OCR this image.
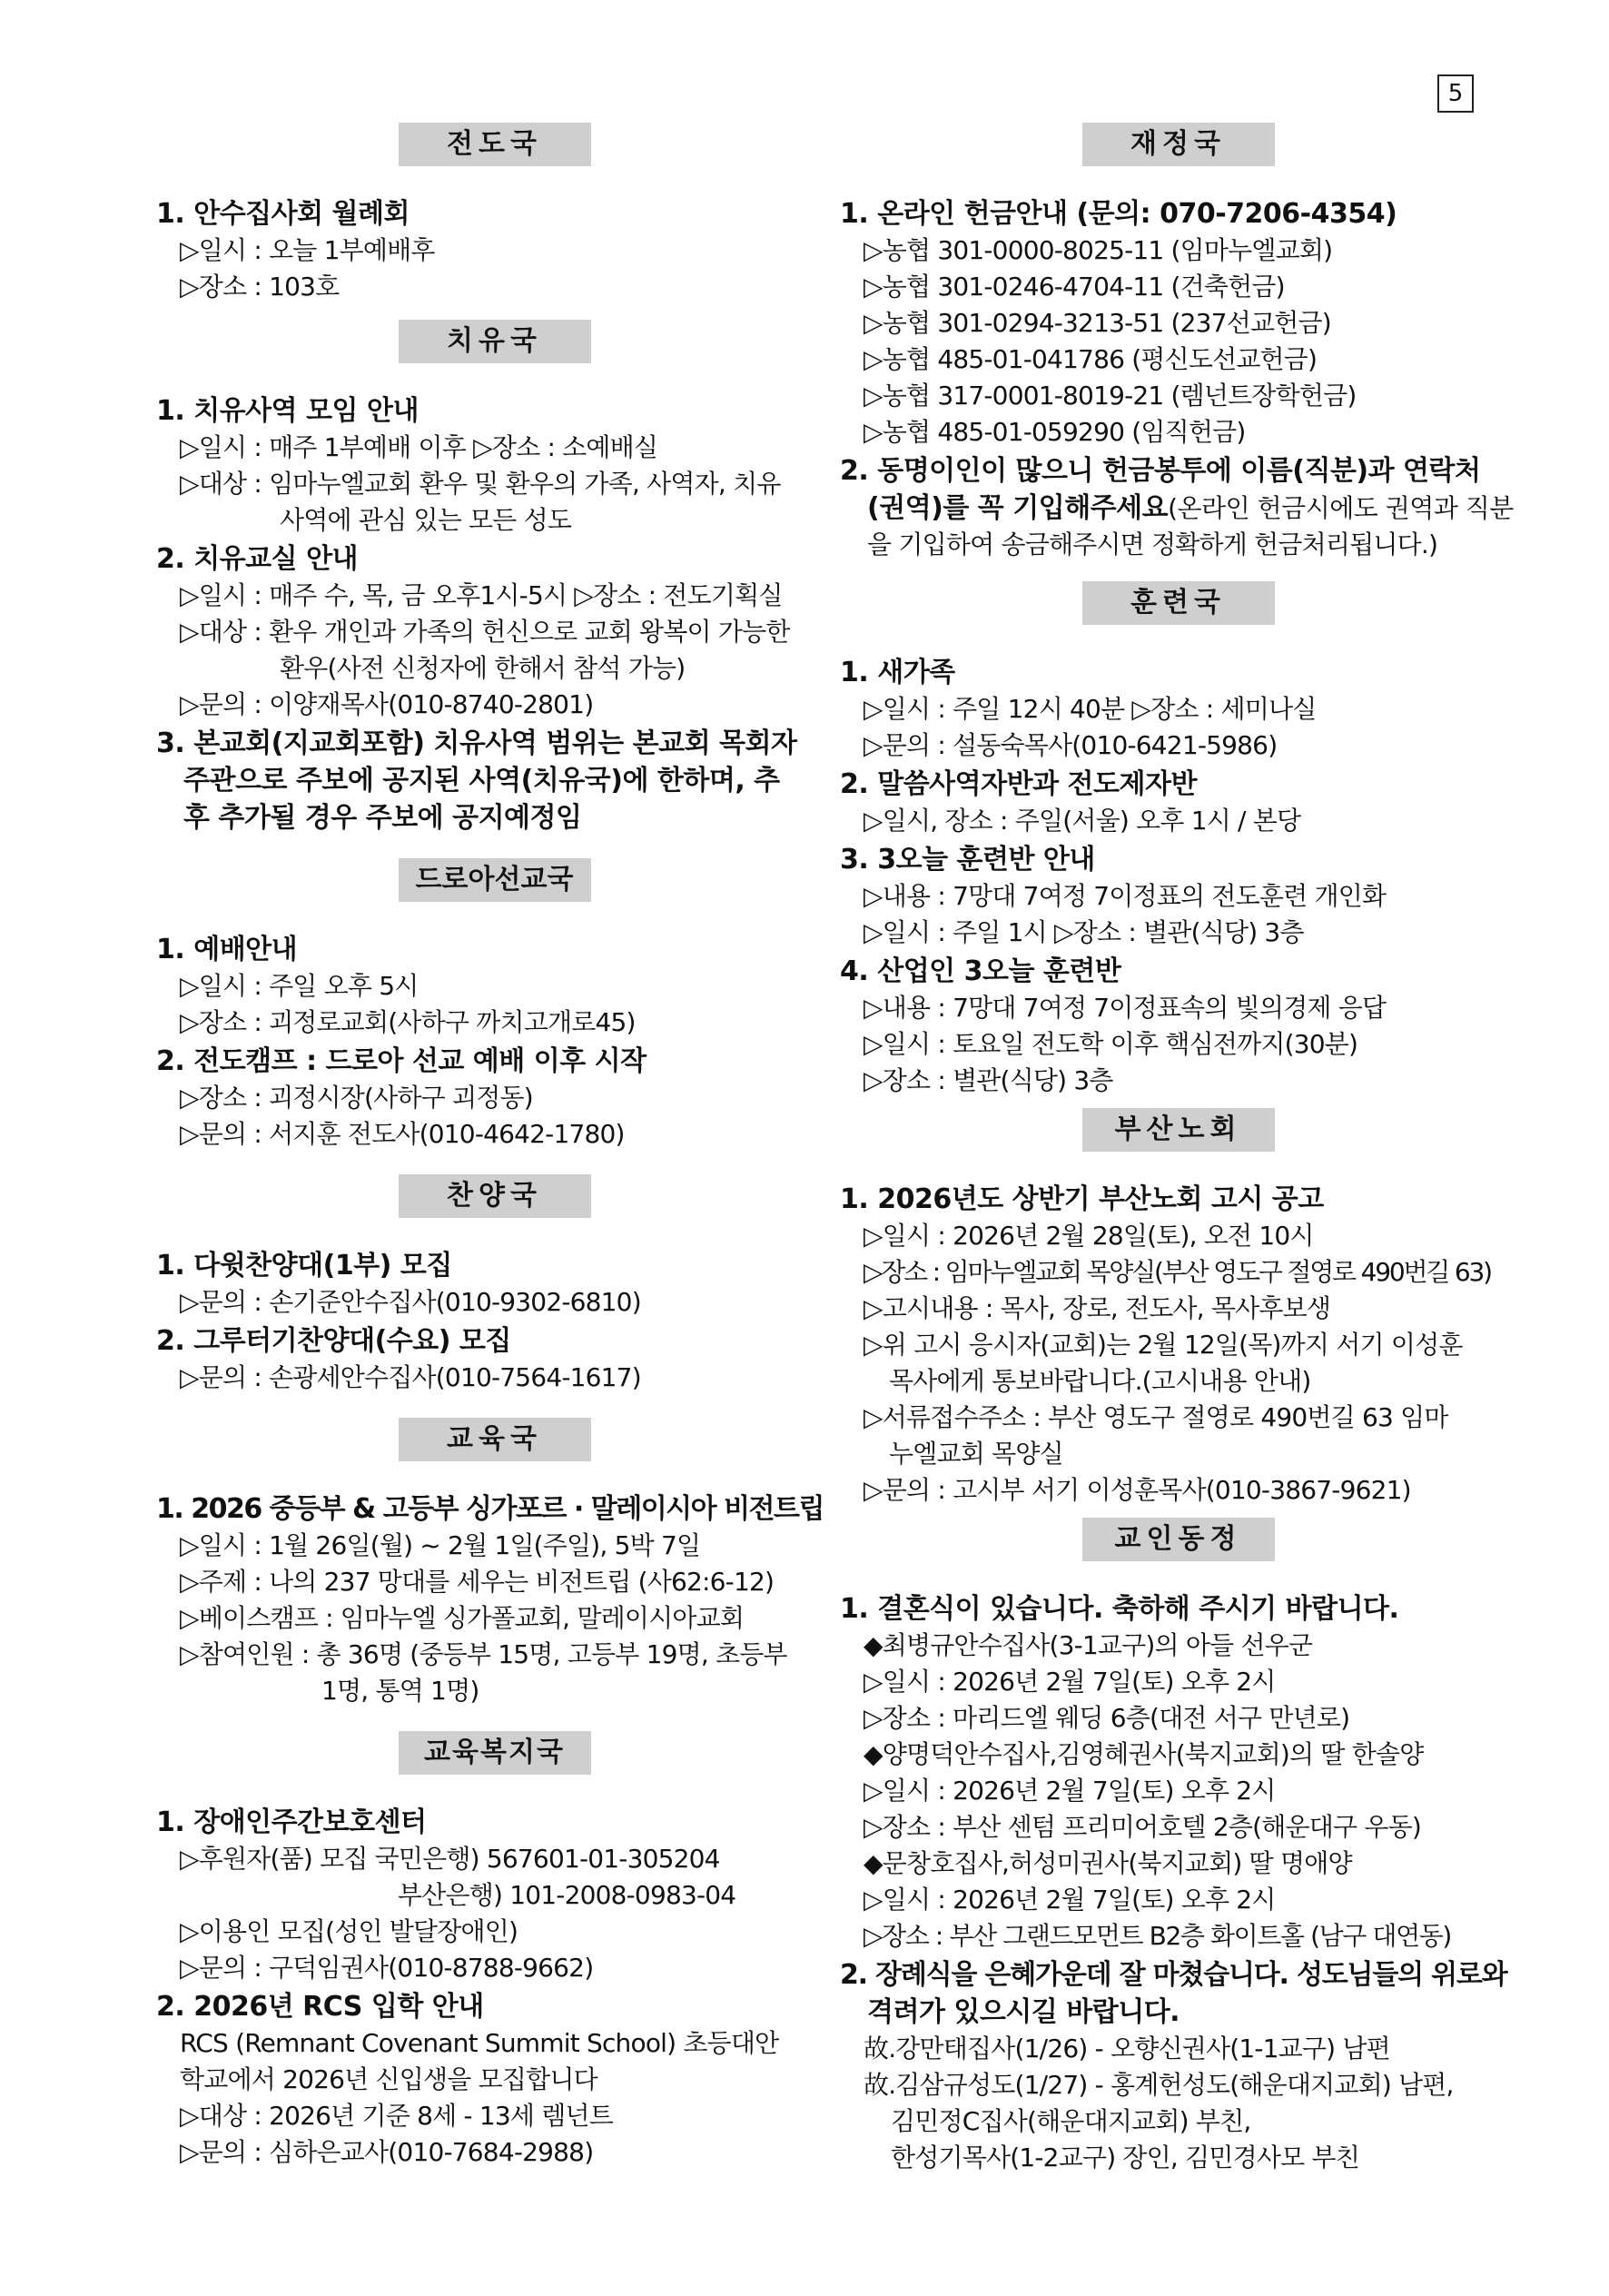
5
전도국
1. 안수집사회 월례회
▷일시 : 오늘 1부예배후
▷장소 : 103호
치유국
1. 치유사역 모임 안내
▷일시 : 매주 1부예배 이후 ▷장소 : 소예배실
▷대상 : 임마누엘교회 환우 및 환우의 가족, 사역자, 치유
사역에 관심 있는 모든 성도
2. 치유교실 안내
▷일시 : 매주 수, 목, 금 오후1시-5시 ▷장소 : 전도기획실
▷대상 : 환우 개인과 가족의 헌신으로 교회 왕복이 가능한
환우(사전 신청자에 한해서 참석 가능)
▷문의 : 이양재목사(010-8740-2801)
3. 본교회(지교회포함) 치유사역 범위는 본교회 목회자
주관으로 주보에 공지된 사역(치유국)에 한하며, 추
후 추가될 경우 주보에 공지예정임
드로아선교국
1. 예배안내
▷일시 : 주일 오후 5시
▷장소 : 괴정로교회(사하구 까치고개로45)
2. 전도캠프 : 드로아 선교 예배 이후 시작
▷장소 : 괴정시장(사하구 괴정동)
▷문의 : 서지훈 전도사(010-4642-1780)
찬양국
1. 다윗찬양대(1부) 모집
▷문의 : 손기준안수집사(010-9302-6810)
2. 그루터기찬양대(수요) 모집
▷문의 : 손광세안수집사(010-7564-1617)
교육국
1. 2026 중등부 & 고등부 싱가포르 · 말레이시아 비전트립
▷일시 : 1월 26일(월) ~ 2월 1일(주일), 5박 7일
▷주제 : 나의 237 망대를 세우는 비전트립 (사62:6-12)
▷베이스캠프 : 임마누엘 싱가폴교회, 말레이시아교회
▷참여인원 : 총 36명 (중등부 15명, 고등부 19명, 초등부
1명, 통역 1명)
교육복지국
1. 장애인주간보호센터
▷후원자(품) 모집 국민은행) 567601-01-305204
부산은행) 101-2008-0983-04
▷이용인 모집(성인 발달장애인)
▷문의 : 구덕임권사(010-8788-9662)
2. 2026년 RCS 입학 안내
RCS (Remnant Covenant Summit School) 초등대안
학교에서 2026년 신입생을 모집합니다
▷대상 : 2026년 기준 8세 - 13세 렘넌트
▷문의 : 심하은교사(010-7684-2988)
재정국
1. 온라인 헌금안내 (문의: 070-7206-4354)
▷농협 301-0000-8025-11 (임마누엘교회)
▷농협 301-0246-4704-11 (건축헌금)
▷농협 301-0294-3213-51 (237선교헌금)
▷농협 485-01-041786 (평신도선교헌금)
▷농협 317-0001-8019-21 (렘넌트장학헌금)
▷농협 485-01-059290 (임직헌금)
2. 동명이인이 많으니 헌금봉투에 이름(직분)과 연락처
(권역)를 꼭 기입해주세요(온라인 헌금시에도 권역과 직분
을 기입하여 송금해주시면 정확하게 헌금처리됩니다.)
훈련국
1. 새가족
▷일시 : 주일 12시 40분 ▷장소 : 세미나실
▷문의 : 설동숙목사(010-6421-5986)
2. 말씀사역자반과 전도제자반
▷일시, 장소 : 주일(서울) 오후 1시 / 본당
3. 3오늘 훈련반 안내
▷내용 : 7망대 7여정 7이정표의 전도훈련 개인화
▷일시 : 주일 1시 ▷장소 : 별관(식당) 3층
4. 산업인 3오늘 훈련반
▷내용 : 7망대 7여정 7이정표속의 빛의경제 응답
▷일시 : 토요일 전도학 이후 핵심전까지(30분)
▷장소 : 별관(식당) 3층
부산노회
1. 2026년도 상반기 부산노회 고시 공고
▷일시 : 2026년 2월 28일(토), 오전 10시
▷장소 : 임마누엘교회 목양실(부산 영도구 절영로 490번길 63)
▷고시내용 : 목사, 장로, 전도사, 목사후보생
▷위 고시 응시자(교회)는 2월 12일(목)까지 서기 이성훈
목사에게 통보바랍니다.(고시내용 안내)
▷서류접수주소 : 부산 영도구 절영로 490번길 63 임마
누엘교회 목양실
▷문의 : 고시부 서기 이성훈목사(010-3867-9621)
교인동정
1. 결혼식이 있습니다. 축하해 주시기 바랍니다.
◆최병규안수집사(3-1교구)의 아들 선우군
▷일시 : 2026년 2월 7일(토) 오후 2시
▷장소 : 마리드엘 웨딩 6층(대전 서구 만년로)
◆양명덕안수집사,김영혜권사(북지교회)의 딸 한솔양
▷일시 : 2026년 2월 7일(토) 오후 2시
▷장소 : 부산 센텀 프리미어호텔 2층(해운대구 우동)
◆문창호집사,허성미권사(북지교회) 딸 명애양
▷일시 : 2026년 2월 7일(토) 오후 2시
▷장소 : 부산 그랜드모먼트 B2층 화이트홀 (남구 대연동)
2. 장례식을 은혜가운데 잘 마쳤습니다. 성도님들의 위로와
격려가 있으시길 바랍니다.
故.강만태집사(1/26) - 오향신권사(1-1교구) 남편
故.김삼규성도(1/27) - 홍계헌성도(해운대지교회) 남편,
김민정C집사(해운대지교회) 부친,
한성기목사(1-2교구) 장인, 김민경사모 부친
